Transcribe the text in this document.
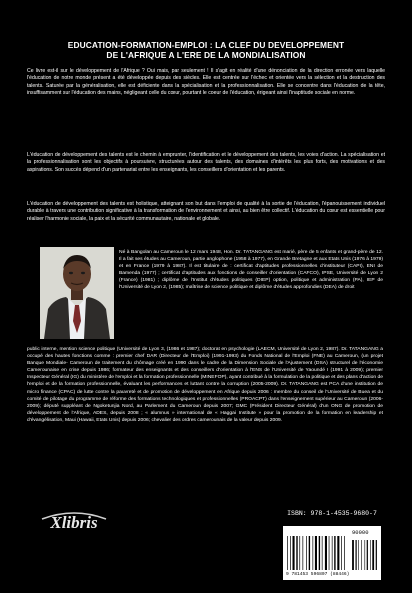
EDUCATION-FORMATION-EMPLOI : LA CLEF DU DEVELOPPEMENT
DE L'AFRIQUE A L'ERE DE LA MONDIALISATION
Ce livre est-il sur le développement de l'Afrique ? Oui mais, par seulement ! Il s'agit en réalité d'une dénonciation de la direction erronée vers laquelle l'éducation de notre monde présent a été développée depuis des siècles. Elle est centrée sur l'échec et orientée vers la sélection et la destruction des talents. Saturée par la généralisation, elle est déficiente dans la spécialisation et la professionnalisation. Elle se concentre dans l'éducation de la tête, insuffisamment sur l'éducation des mains, négligeant celle du cœur, pourtant le coeur de l'éducation, érigeant ainsi l'inaptitude sociale en norme.
L'éducation de développement des talents est le chemin à emprunter, l'identification et le développement des talents, les voies d'action. La spécialisation et la professionnalisation sont les objectifs à poursuivre, structurées autour des talents, des domaines d'intérêts les plus forts, des motivations et des aspirations. Son succès dépend d'un partenariat entre les enseignants, les conseillers d'orientation et les parents.
L'éducation de développement des talents est holistique, atteignant son but dans l'emploi de qualité à la sortie de l'éducation, l'épanouissement individuel durable à travers une contribution significative à la transformation de l'environnement et ainsi, au bien être collectif. L'éducation du cœur est essentielle pour réaliser l'harmonie sociale, la paix et la sécurité communautaire, nationale et globale.
Né à Bangolan au Cameroun le 12 mars 1948, Hon. Dr. TATANGANG est marié, père de 5 enfants et grand-père de 12. Il a fait ses études au Cameroun, partie anglophone (1958 à 1977), en Grande Bretagne et aux Etats Unis (1976 à 1979) et en France (1979 à 1987). Il est titulaire de : certificat d'aptitudes professionnelles d'instituteur (CAPI), ENI de Bamenda (1977) ; certificat d'aptitudes aux fonctions de conseiller d'orientation (CAFCO), IPSE, Université de Lyon 2 (France) (1981) ; diplôme de l'Institut d'études politiques (DIEP) option, politique et administration (PA), IEP de l'Université de Lyon 2, (1985); maîtrise de science politique et diplôme d'études approfondies (DEA) de droit
public interne, mention science politique (Université de Lyon 3, (1986 et 1987); doctorat en psychologie (LAECM, Université de Lyon 2, 1987). Dr. TATANGANG a occupé des hautes fonctions comme : premier chef DAR (Directeur de l'Emploi) (1991-1993) du Fonds National de l'Emploi (FNE) au Cameroun, (un projet Banque Mondiale- Cameroun de traitement du chômage créé en 1990 dans le cadre de la Dimension Sociale de l'Ajustement (DSA) structurel de l'économie Camerounaise en crise depuis 1986; formateur des enseignants et des conseillers d'orientation à l'ENS de l'Université de Yaoundé I (1991 à 2009); premier Inspecteur Général (IG) du ministère de l'emploi et la formation professionnelle (MINEFOP), ayant contribué à la formulation de la politique et des plans d'action de l'emploi et de la formation professionnelle, évaluant les performances et luttant contre la corruption (2005-2009). Dr. TATANGANG est PCA d'une institution de micro finance (CPAC) de lutte contre la pauvreté et de promotion de développement en Afrique depuis 2006 : membre du conseil de l'Université de Buea et du comité de pilotage du programme de réforme des formations technologiques et professionnelles (PROACPT) dans l'enseignement supérieur au Cameroun (2006-2009); député suppléant de Ngoketunjia Nord, au Parlement du Cameroun depuis 2007; GMC (Président Directeur Général) d'un ONG de promotion de développement de l'Afrique, ADES, depuis 2008 ; « alumnus » international de « Haggai Institute » pour la promotion de la formation en leadership et d'évangélisation, Maui (Hawaii, Etats Unis) depuis 2006; chevalier des ordres camerounais de la valeur depuis 2009.
Xlibris	ISBN: 978-1-4535-9680-7
90000
9 781453 596807 (88446)
